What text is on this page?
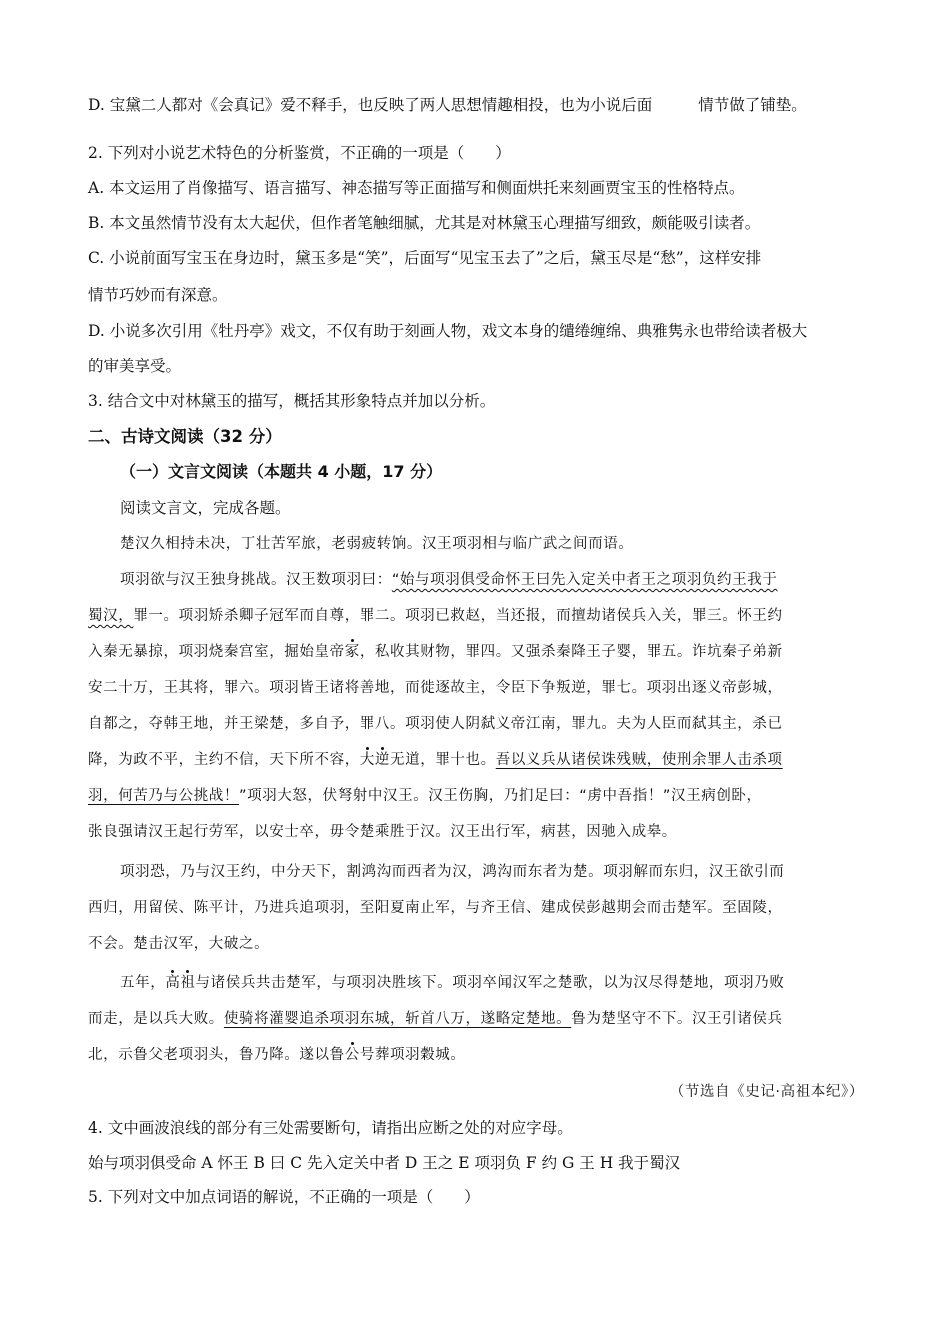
D. 宝黛二人都对《会真记》爱不释手，也反映了两人思想情趣相投，也为小说后面	情节做了铺垫。
2. 下列对小说艺术特色的分析鉴赏，不正确的一项是（　　）
A. 本文运用了肖像描写、语言描写、神态描写等正面描写和侧面烘托来刻画贾宝玉的性格特点。
B. 本文虽然情节没有太大起伏，但作者笔触细腻，尤其是对林黛玉心理描写细致，颇能吸引读者。
C. 小说前面写宝玉在身边时，黛玉多是“笑”，后面写“见宝玉去了”之后，黛玉尽是“愁”，这样安排
情节巧妙而有深意。
D. 小说多次引用《牡丹亭》戏文，不仅有助于刻画人物，戏文本身的缱绻缠绵、典雅隽永也带给读者极大
的审美享受。
3. 结合文中对林黛玉的描写，概括其形象特点并加以分析。
二、古诗文阅读（32 分）
（一）文言文阅读（本题共 4 小题，17 分）
阅读文言文，完成各题。
楚汉久相持未决，丁壮苦军旅，老弱疲转饷。汉王项羽相与临广武之间而语。
项羽欲与汉王独身挑战。汉王数项羽曰：“始与项羽俱受命怀王曰先入定关中者王之项羽负约王我于
蜀汉，罪一。项羽矫杀卿子冠军而自尊，罪二。项羽已救赵，当还报，而擅劫诸侯兵入关，罪三。怀王约
入秦无暴掠，项羽烧秦宫室，掘始皇帝冢，私收其财物，罪四。又强杀秦降王子婴，罪五。诈坑秦子弟新
安二十万，王其将，罪六。项羽皆王诸将善地，而徙逐故主，令臣下争叛逆，罪七。项羽出逐义帝彭城，
自都之，夺韩王地，并王梁楚，多自予，罪八。项羽使人阴弑义帝江南，罪九。夫为人臣而弑其主，杀已
降，为政不平，主约不信，天下所不容，大逆无道，罪十也。吾以义兵从诸侯诛残贼，使刑余罪人击杀项
羽，何苦乃与公挑战！”项羽大怒，伏弩射中汉王。汉王伤胸，乃扪足曰：“虏中吾指！”汉王病创卧，
张良强请汉王起行劳军，以安士卒，毋令楚乘胜于汉。汉王出行军，病甚，因驰入成皋。
项羽恐，乃与汉王约，中分天下，割鸿沟而西者为汉，鸿沟而东者为楚。项羽解而东归，汉王欲引而
西归，用留侯、陈平计，乃进兵追项羽，至阳夏南止军，与齐王信、建成侯彭越期会而击楚军。至固陵，
不会。楚击汉军，大破之。
五年，高祖与诸侯兵共击楚军，与项羽决胜垓下。项羽卒闻汉军之楚歌，以为汉尽得楚地，项羽乃败
而走，是以兵大败。使骑将灌婴追杀项羽东城，斩首八万，遂略定楚地。鲁为楚坚守不下。汉王引诸侯兵
北，示鲁父老项羽头，鲁乃降。遂以鲁公号葬项羽穀城。
（节选自《史记·高祖本纪》）
4. 文中画波浪线的部分有三处需要断句，请指出应断之处的对应字母。
始与项羽俱受命 A 怀王 B 曰 C 先入定关中者 D 王之 E 项羽负 F 约 G 王 H 我于蜀汉
5. 下列对文中加点词语的解说，不正确的一项是（　　）
